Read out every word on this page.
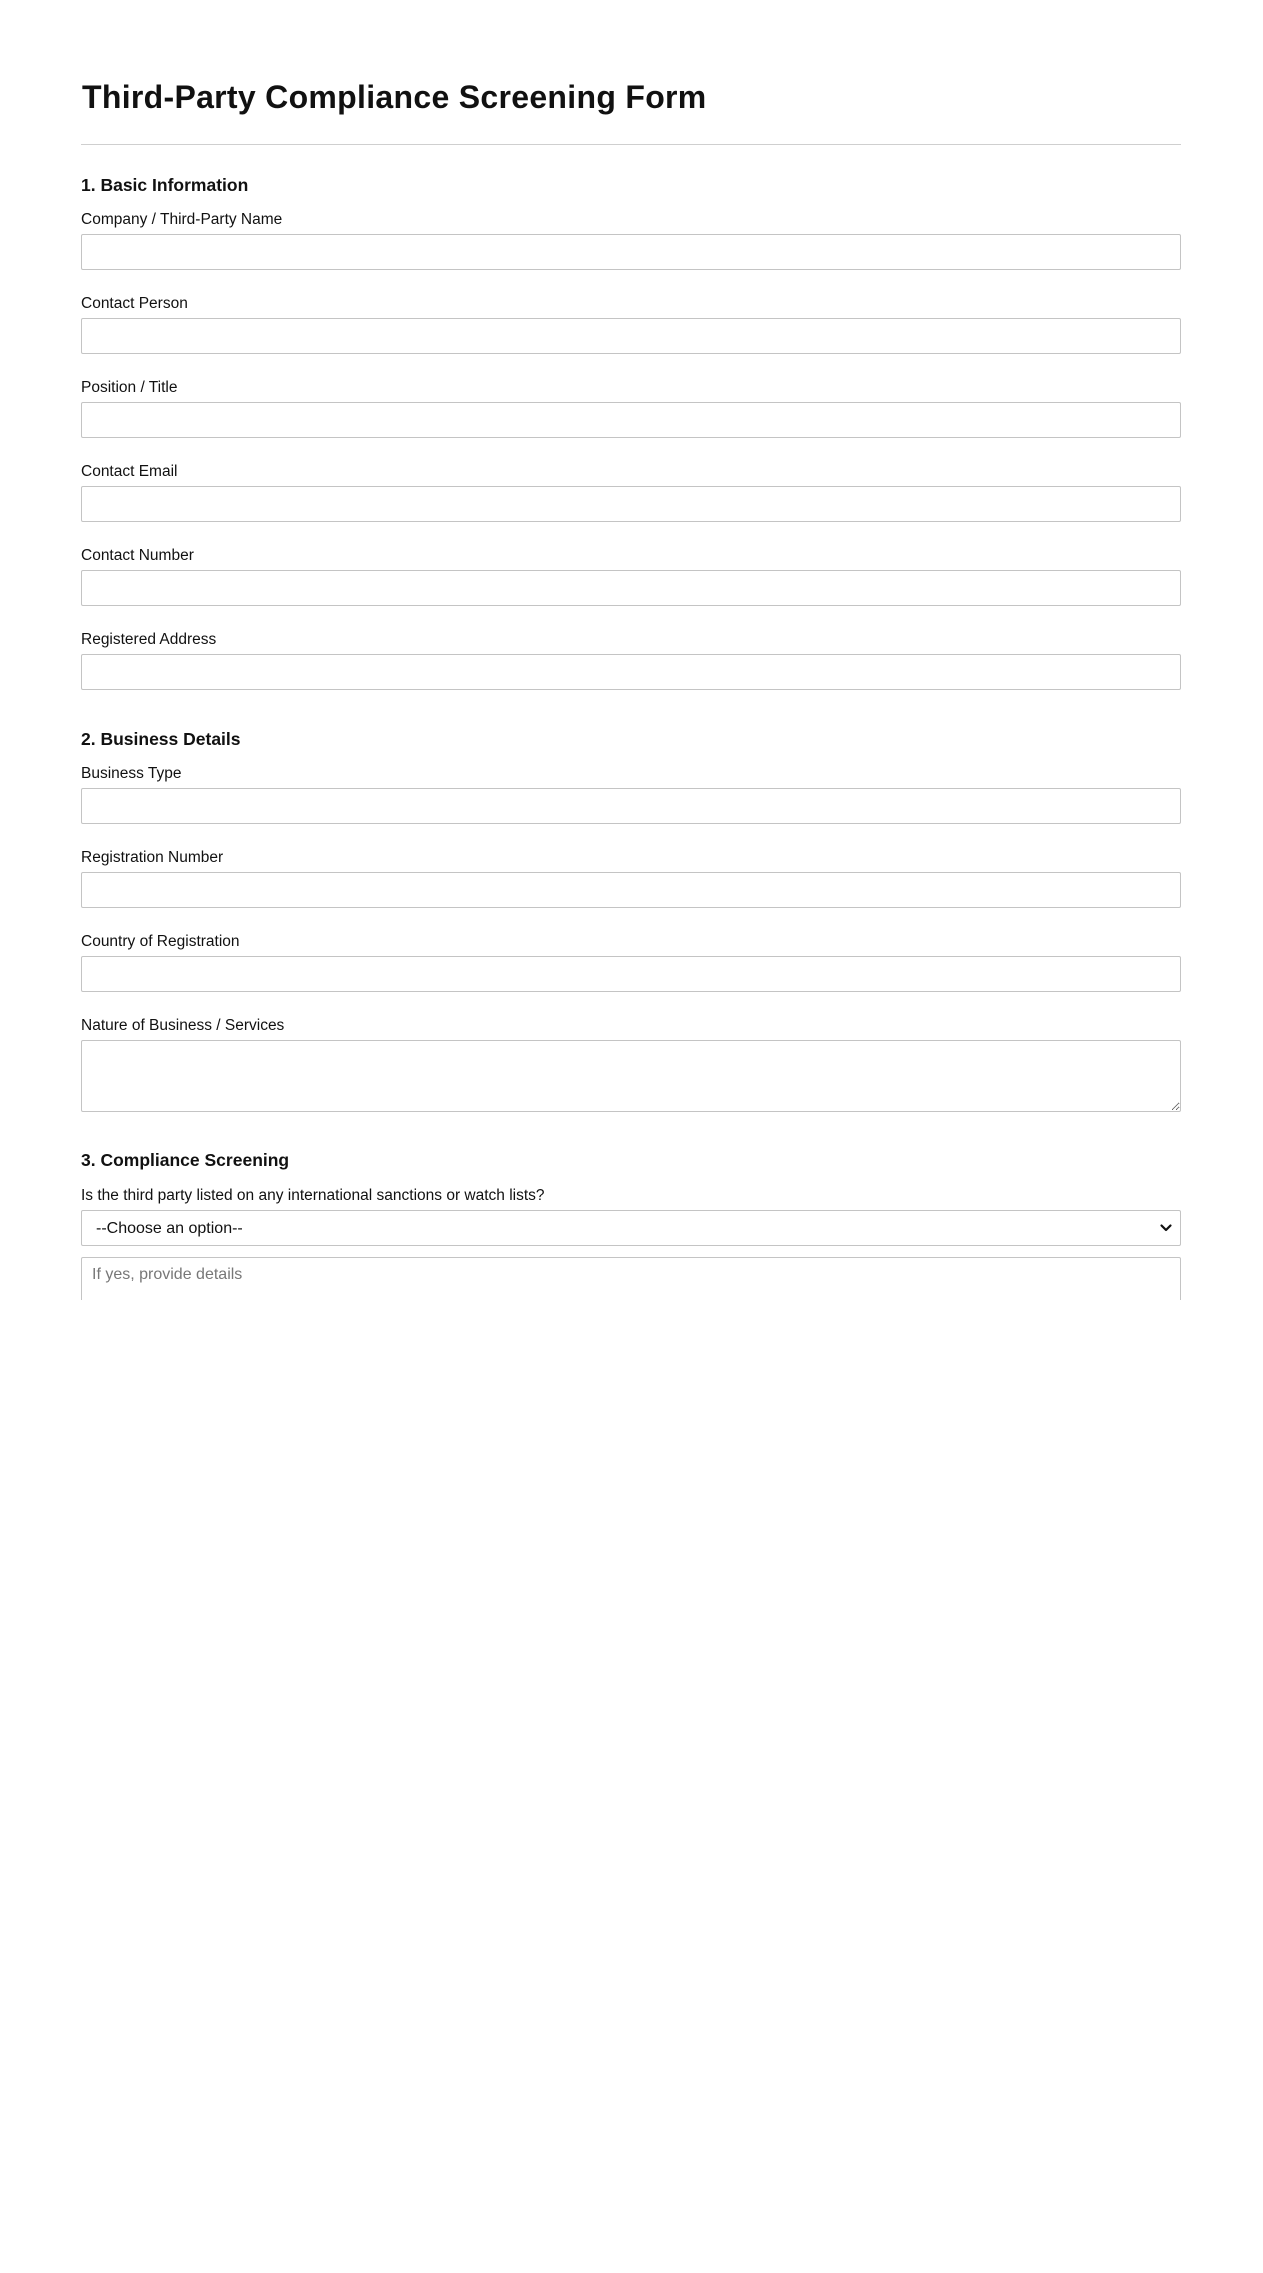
Third-Party Compliance Screening Form
1. Basic Information
Company / Third-Party Name
Contact Person
Position / Title
Contact Email
Contact Number
Registered Address
2. Business Details
Business Type
Registration Number
Country of Registration
Nature of Business / Services
3. Compliance Screening
Is the third party listed on any international sanctions or watch lists?
--Choose an option--
If yes, provide details
